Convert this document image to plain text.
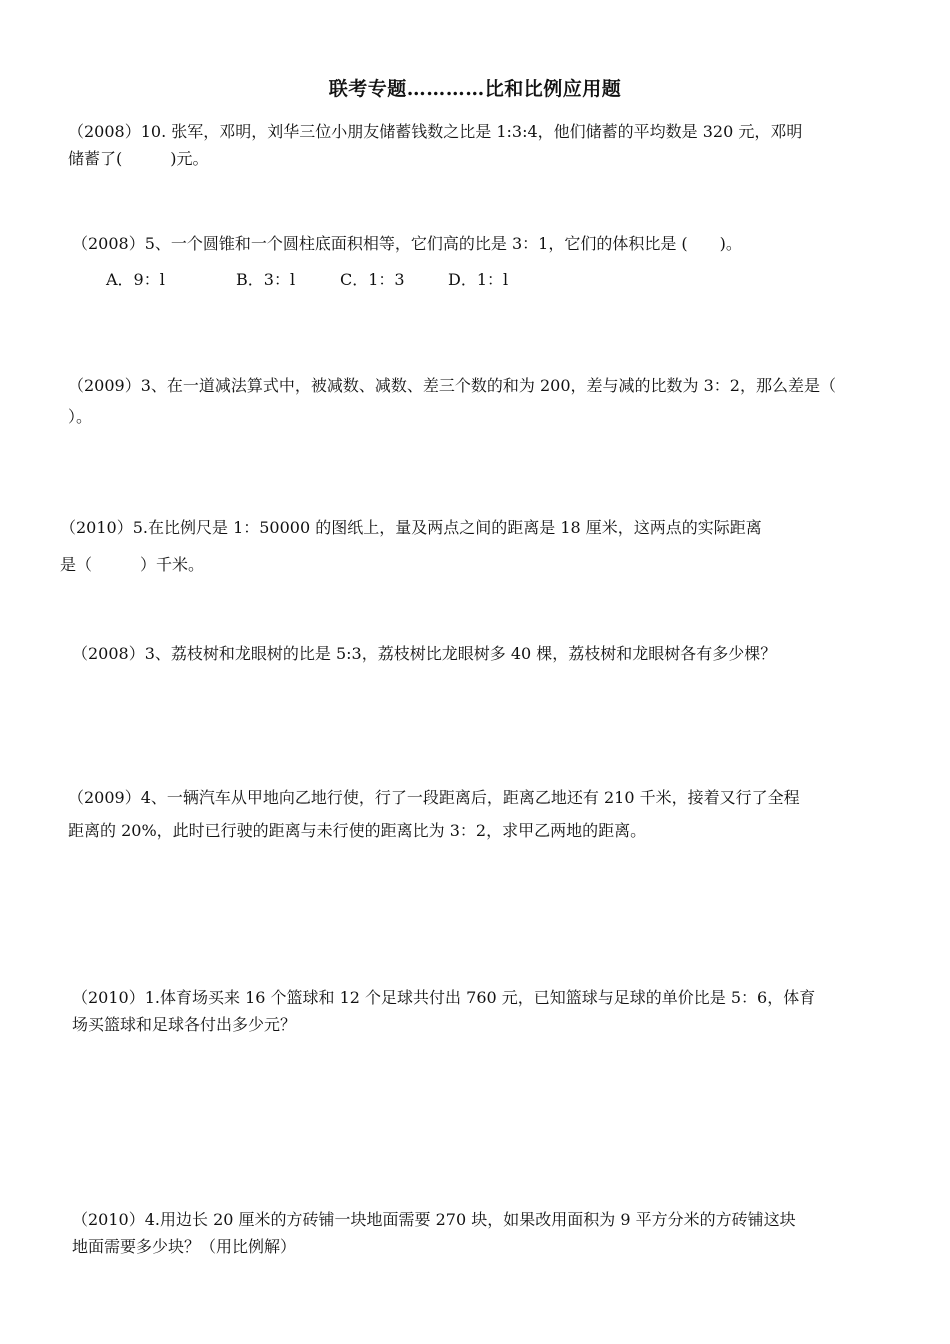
联考专题…………比和比例应用题
（2008）10. 张军，邓明，刘华三位小朋友储蓄钱数之比是 1:3:4，他们储蓄的平均数是 320 元，邓明
储蓄了(　　　)元。
（2008）5、一个圆锥和一个圆柱底面积相等，它们高的比是 3：1，它们的体积比是 (　　)。
A．9：l	B．3：l	C．1：3	D．1：l
（2009）3、在一道减法算式中，被减数、减数、差三个数的和为 200，差与减的比数为 3：2，那么差是（
）。
（2010）5.在比例尺是 1：50000 的图纸上，量及两点之间的距离是 18 厘米，这两点的实际距离
是（　　　）千米。
（2008）3、荔枝树和龙眼树的比是 5:3，荔枝树比龙眼树多 40 棵，荔枝树和龙眼树各有多少棵？
（2009）4、一辆汽车从甲地向乙地行使，行了一段距离后，距离乙地还有 210 千米，接着又行了全程
距离的 20%，此时已行驶的距离与未行使的距离比为 3：2，求甲乙两地的距离。
（2010）1.体育场买来 16 个篮球和 12 个足球共付出 760 元，已知篮球与足球的单价比是 5：6，体育
场买篮球和足球各付出多少元？
（2010）4.用边长 20 厘米的方砖铺一块地面需要 270 块，如果改用面积为 9 平方分米的方砖铺这块
地面需要多少块？（用比例解）
